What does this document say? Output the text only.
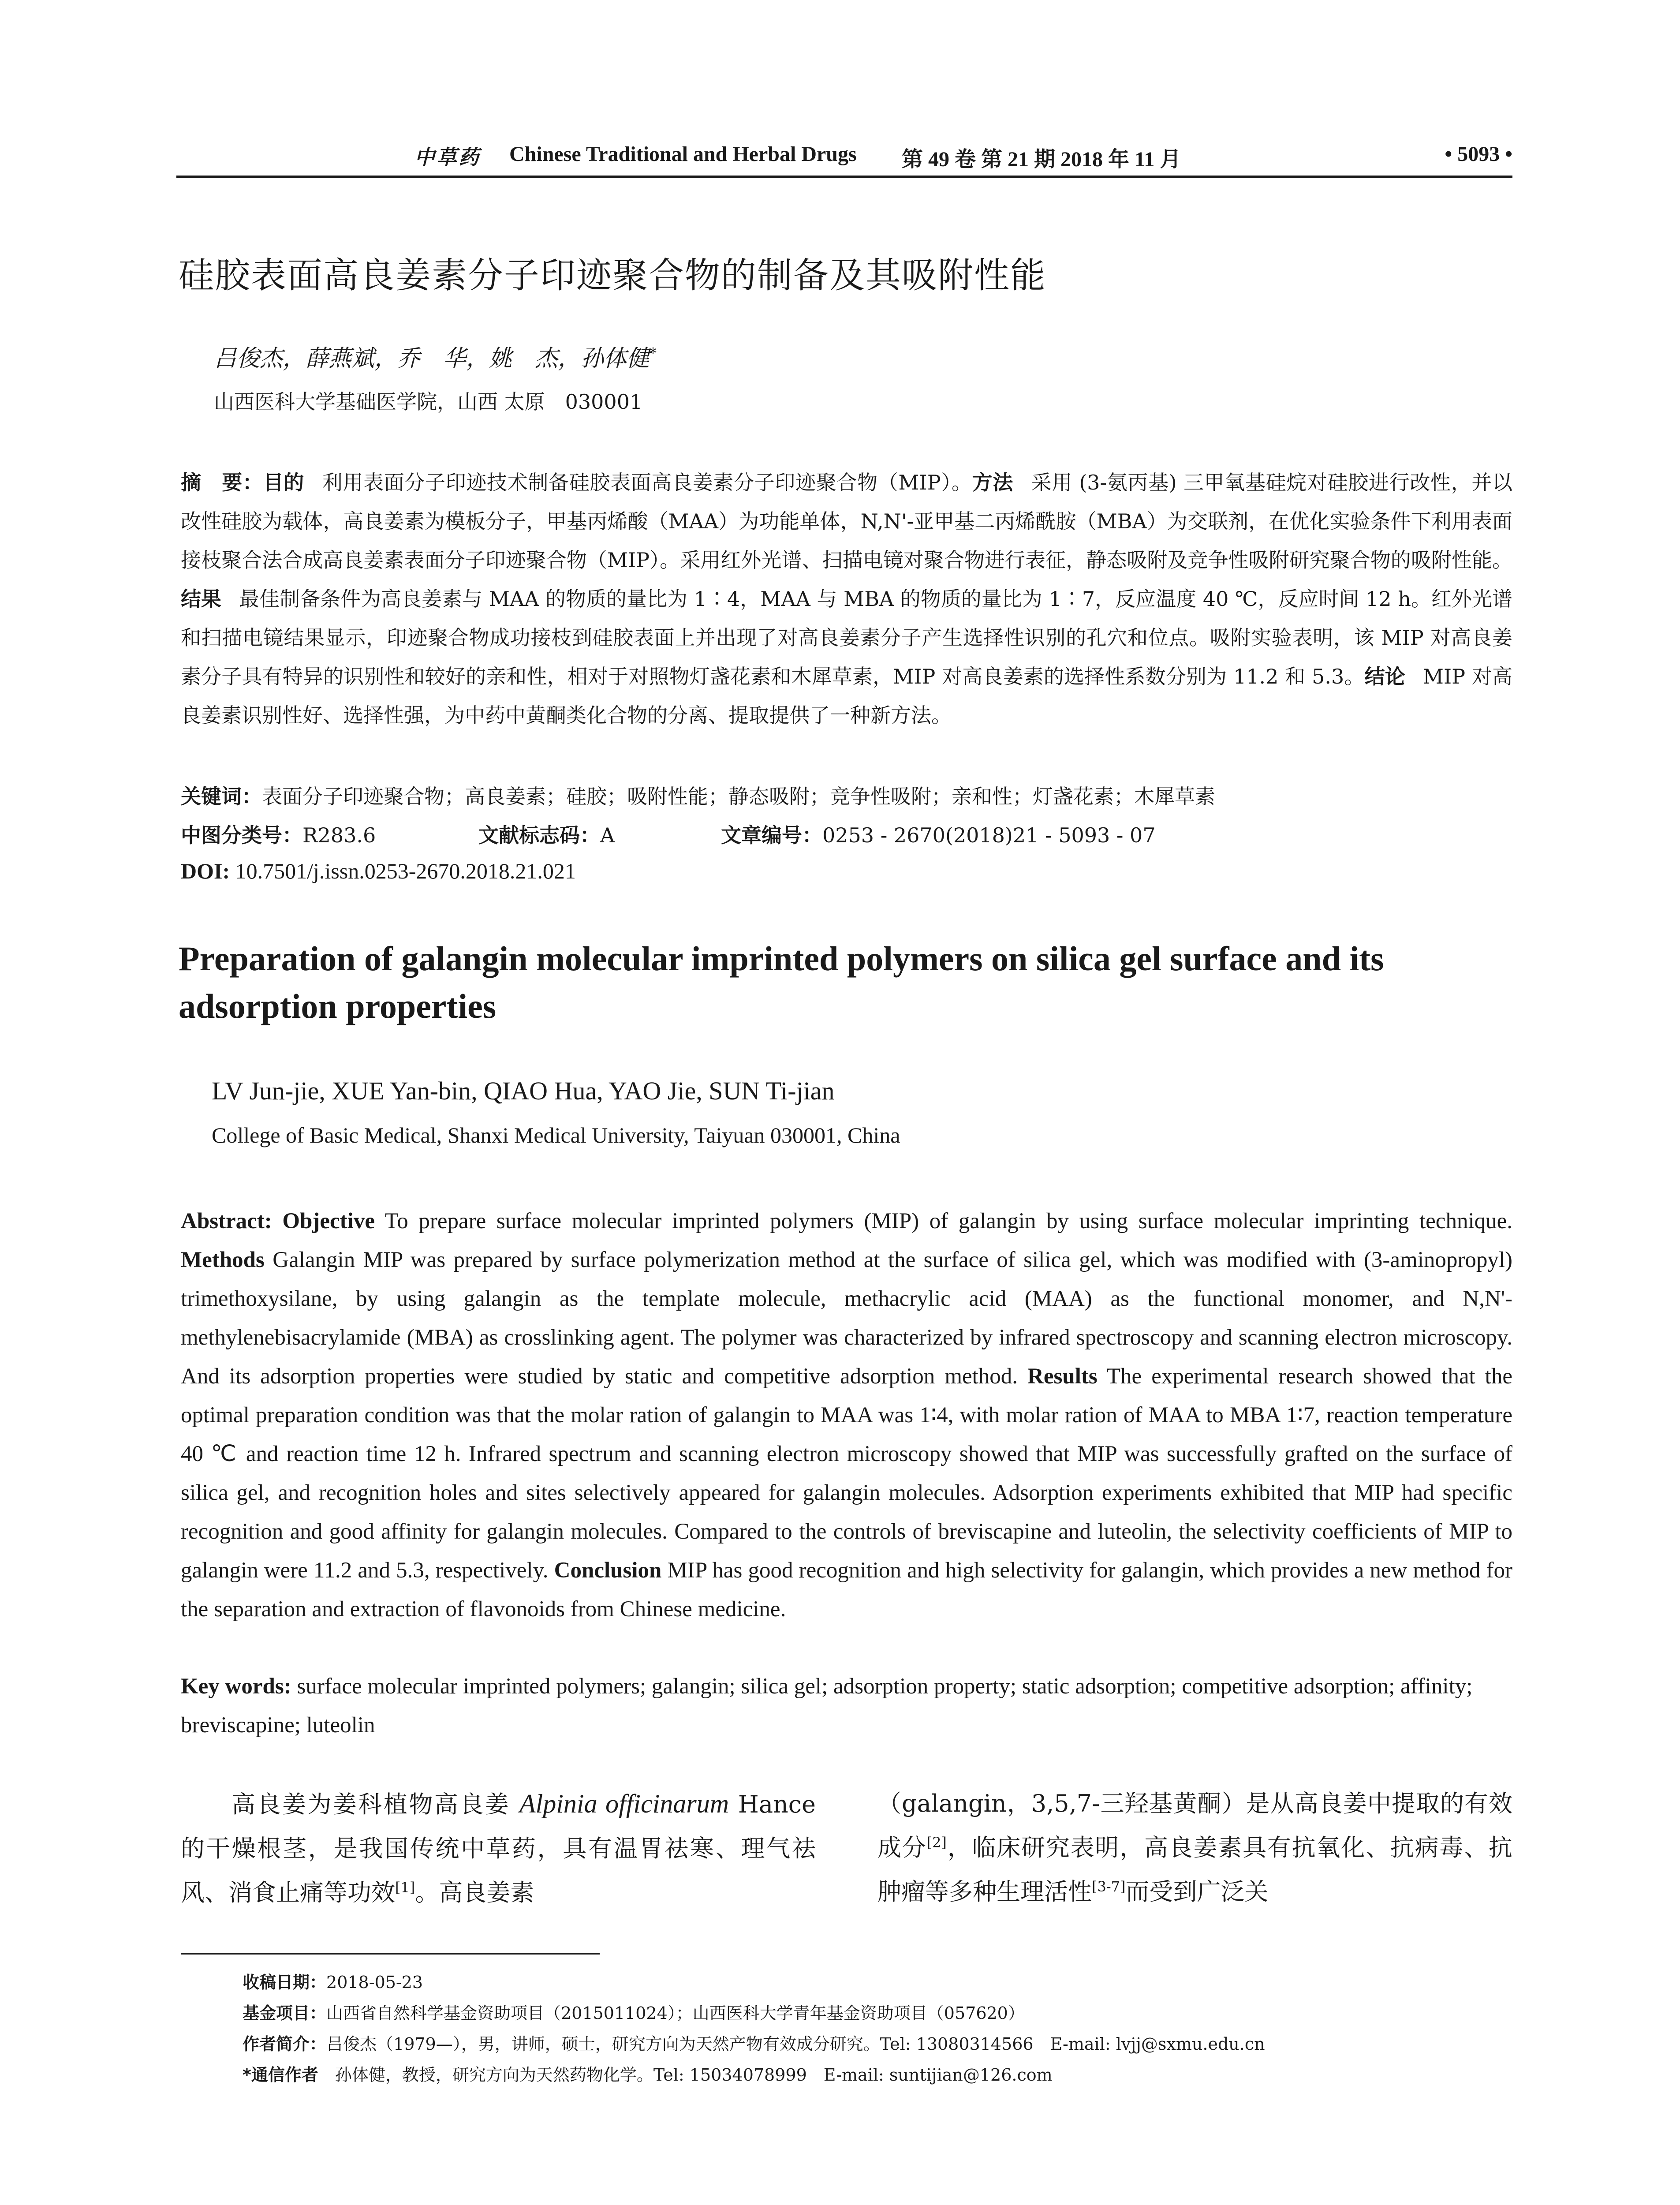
中草药 Chinese Traditional and Herbal Drugs 第 49 卷 第 21 期 2018 年 11 月	• 5093 •
硅胶表面高良姜素分子印迹聚合物的制备及其吸附性能
吕俊杰，薛燕斌，乔　华，姚　杰，孙体健*
山西医科大学基础医学院，山西 太原　030001
摘　要：目的 利用表面分子印迹技术制备硅胶表面高良姜素分子印迹聚合物（MIP）。方法 采用 (3-氨丙基) 三甲氧基硅烷对硅胶进行改性，并以改性硅胶为载体，高良姜素为模板分子，甲基丙烯酸（MAA）为功能单体，N,N'-亚甲基二丙烯酰胺（MBA）为交联剂，在优化实验条件下利用表面接枝聚合法合成高良姜素表面分子印迹聚合物（MIP）。采用红外光谱、扫描电镜对聚合物进行表征，静态吸附及竞争性吸附研究聚合物的吸附性能。结果 最佳制备条件为高良姜素与 MAA 的物质的量比为 1∶4，MAA 与 MBA 的物质的量比为 1∶7，反应温度 40 ℃，反应时间 12 h。红外光谱和扫描电镜结果显示，印迹聚合物成功接枝到硅胶表面上并出现了对高良姜素分子产生选择性识别的孔穴和位点。吸附实验表明，该 MIP 对高良姜素分子具有特异的识别性和较好的亲和性，相对于对照物灯盏花素和木犀草素，MIP 对高良姜素的选择性系数分别为 11.2 和 5.3。结论 MIP 对高良姜素识别性好、选择性强，为中药中黄酮类化合物的分离、提取提供了一种新方法。
关键词：表面分子印迹聚合物；高良姜素；硅胶；吸附性能；静态吸附；竞争性吸附；亲和性；灯盏花素；木犀草素
中图分类号：R283.6	文献标志码：A	文章编号：0253 - 2670(2018)21 - 5093 - 07
DOI: 10.7501/j.issn.0253-2670.2018.21.021
Preparation of galangin molecular imprinted polymers on silica gel surface and its adsorption properties
LV Jun-jie, XUE Yan-bin, QIAO Hua, YAO Jie, SUN Ti-jian
College of Basic Medical, Shanxi Medical University, Taiyuan 030001, China
Abstract: Objective To prepare surface molecular imprinted polymers (MIP) of galangin by using surface molecular imprinting technique. Methods Galangin MIP was prepared by surface polymerization method at the surface of silica gel, which was modified with (3-aminopropyl) trimethoxysilane, by using galangin as the template molecule, methacrylic acid (MAA) as the functional monomer, and N,N'-methylenebisacrylamide (MBA) as crosslinking agent. The polymer was characterized by infrared spectroscopy and scanning electron microscopy. And its adsorption properties were studied by static and competitive adsorption method. Results The experimental research showed that the optimal preparation condition was that the molar ration of galangin to MAA was 1∶4, with molar ration of MAA to MBA 1∶7, reaction temperature 40 ℃ and reaction time 12 h. Infrared spectrum and scanning electron microscopy showed that MIP was successfully grafted on the surface of silica gel, and recognition holes and sites selectively appeared for galangin molecules. Adsorption experiments exhibited that MIP had specific recognition and good affinity for galangin molecules. Compared to the controls of breviscapine and luteolin, the selectivity coefficients of MIP to galangin were 11.2 and 5.3, respectively. Conclusion MIP has good recognition and high selectivity for galangin, which provides a new method for the separation and extraction of flavonoids from Chinese medicine.
Key words: surface molecular imprinted polymers; galangin; silica gel; adsorption property; static adsorption; competitive adsorption; affinity; breviscapine; luteolin
高良姜为姜科植物高良姜 Alpinia officinarum Hance 的干燥根茎，是我国传统中草药，具有温胃祛寒、理气祛风、消食止痛等功效[1]。高良姜素
（galangin，3,5,7-三羟基黄酮）是从高良姜中提取的有效成分[2]，临床研究表明，高良姜素具有抗氧化、抗病毒、抗肿瘤等多种生理活性[3-7]而受到广泛关
收稿日期：2018-05-23
基金项目：山西省自然科学基金资助项目（2015011024）；山西医科大学青年基金资助项目（057620）
作者简介：吕俊杰（1979—），男，讲师，硕士，研究方向为天然产物有效成分研究。Tel: 13080314566　E-mail: lvjj@sxmu.edu.cn
*通信作者　 孙体健，教授，研究方向为天然药物化学。Tel: 15034078999　E-mail: suntijian@126.com
